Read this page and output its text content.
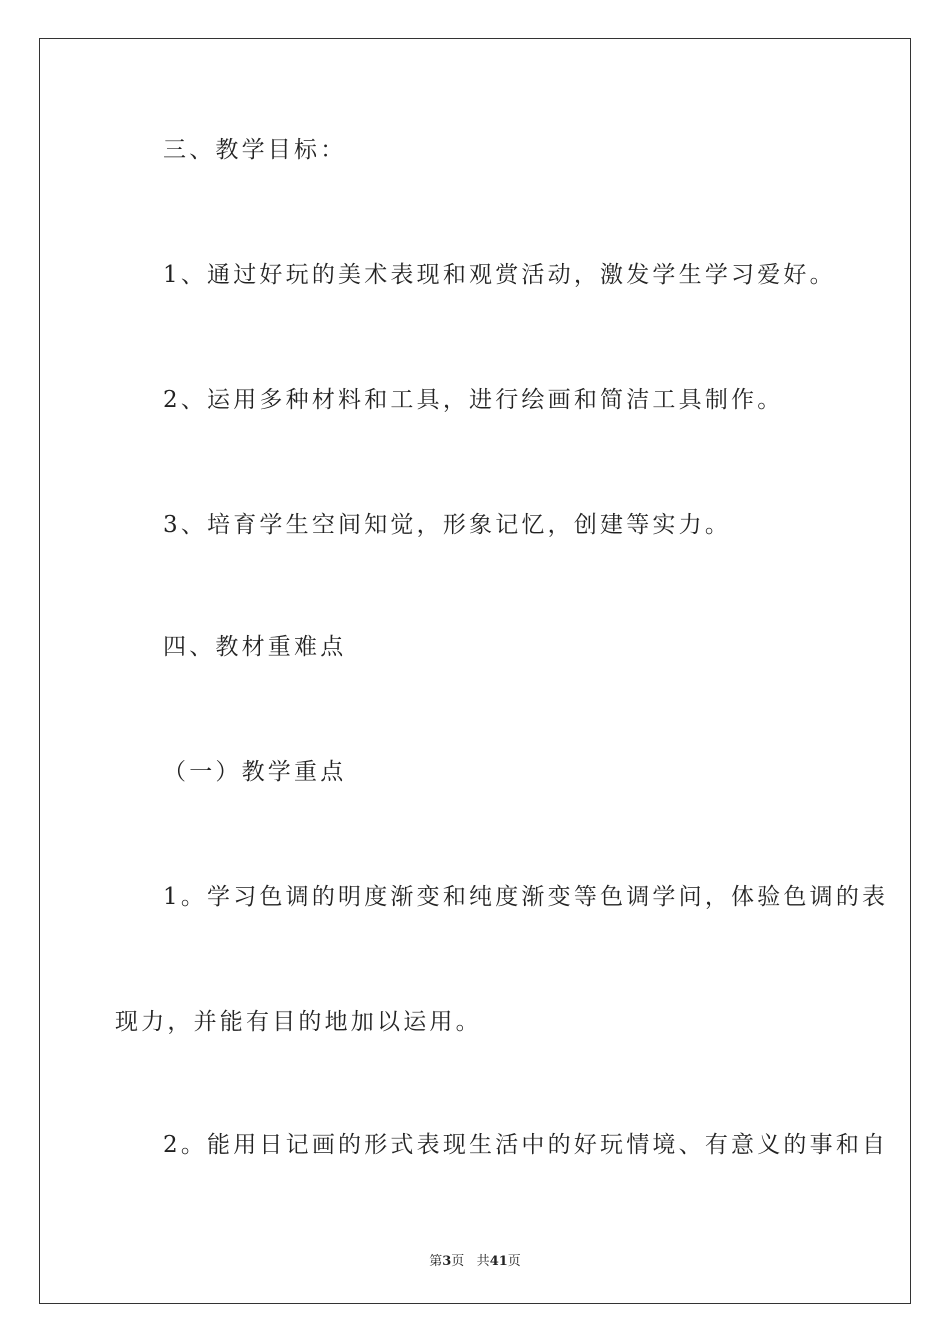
三、教学目标：
1、通过好玩的美术表现和观赏活动，激发学生学习爱好。
2、运用多种材料和工具，进行绘画和简洁工具制作。
3、培育学生空间知觉，形象记忆，创建等实力。
四、教材重难点
（一）教学重点
1。学习色调的明度渐变和纯度渐变等色调学问，体验色调的表
现力，并能有目的地加以运用。
2。能用日记画的形式表现生活中的好玩情境、有意义的事和自
第3页 共41页
